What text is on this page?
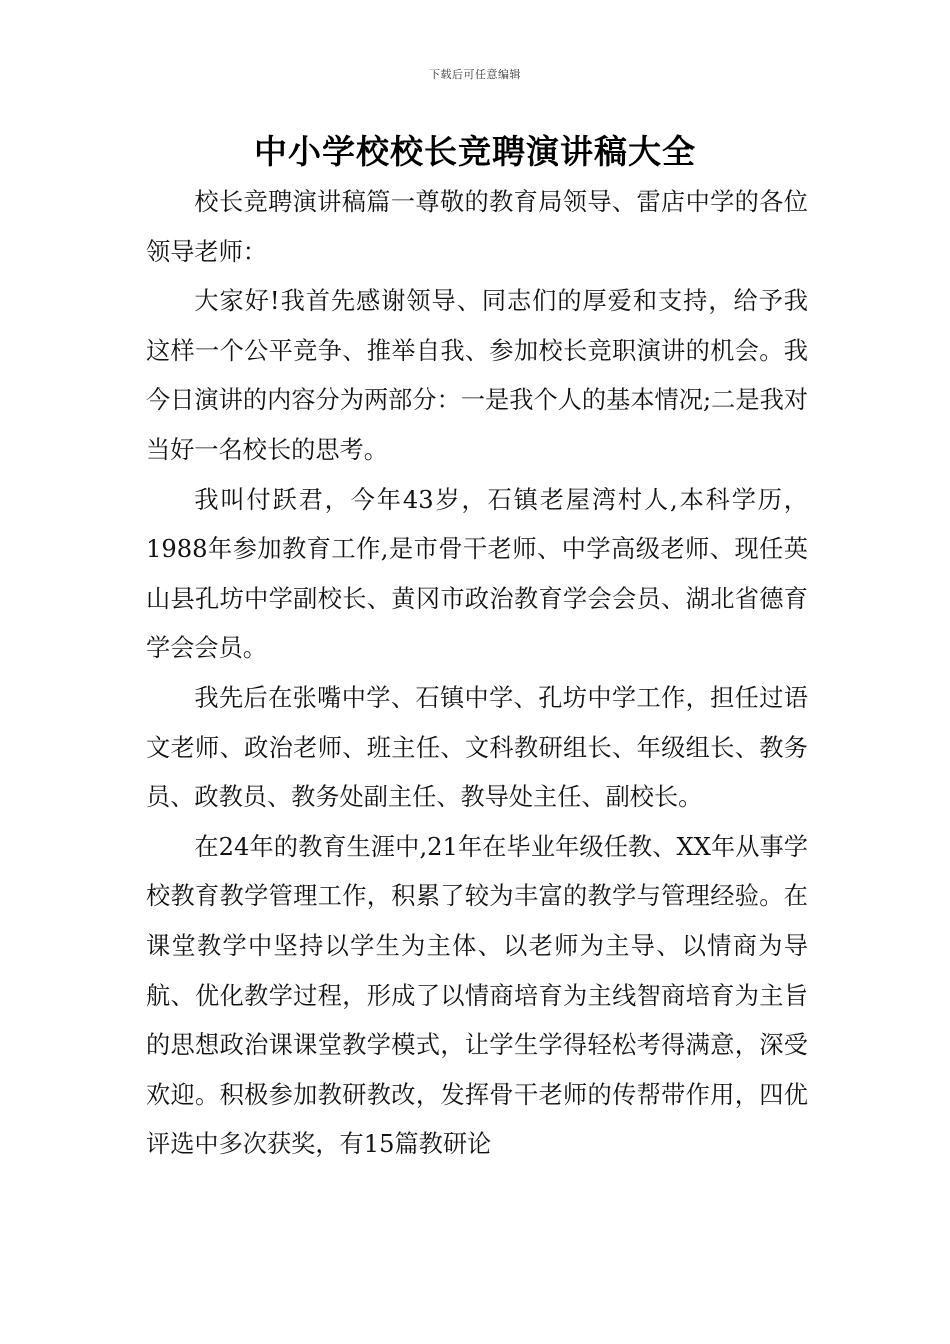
下载后可任意编辑
中小学校校长竞聘演讲稿大全

校长竞聘演讲稿篇一尊敬的教育局领导、雷店中学的各位领导老师：

大家好!我首先感谢领导、同志们的厚爱和支持，给予我这样一个公平竞争、推举自我、参加校长竞职演讲的机会。我今日演讲的内容分为两部分：一是我个人的基本情况;二是我对当好一名校长的思考。

我叫付跃君，今年43岁，石镇老屋湾村人,本科学历，1988年参加教育工作,是市骨干老师、中学高级老师、现任英山县孔坊中学副校长、黄冈市政治教育学会会员、湖北省德育学会会员。

我先后在张嘴中学、石镇中学、孔坊中学工作，担任过语文老师、政治老师、班主任、文科教研组长、年级组长、教务员、政教员、教务处副主任、教导处主任、副校长。

在24年的教育生涯中,21年在毕业年级任教、XX年从事学校教育教学管理工作，积累了较为丰富的教学与管理经验。在课堂教学中坚持以学生为主体、以老师为主导、以情商为导航、优化教学过程，形成了以情商培育为主线智商培育为主旨的思想政治课课堂教学模式，让学生学得轻松考得满意，深受欢迎。积极参加教研教改，发挥骨干老师的传帮带作用，四优评选中多次获奖，有15篇教研论
